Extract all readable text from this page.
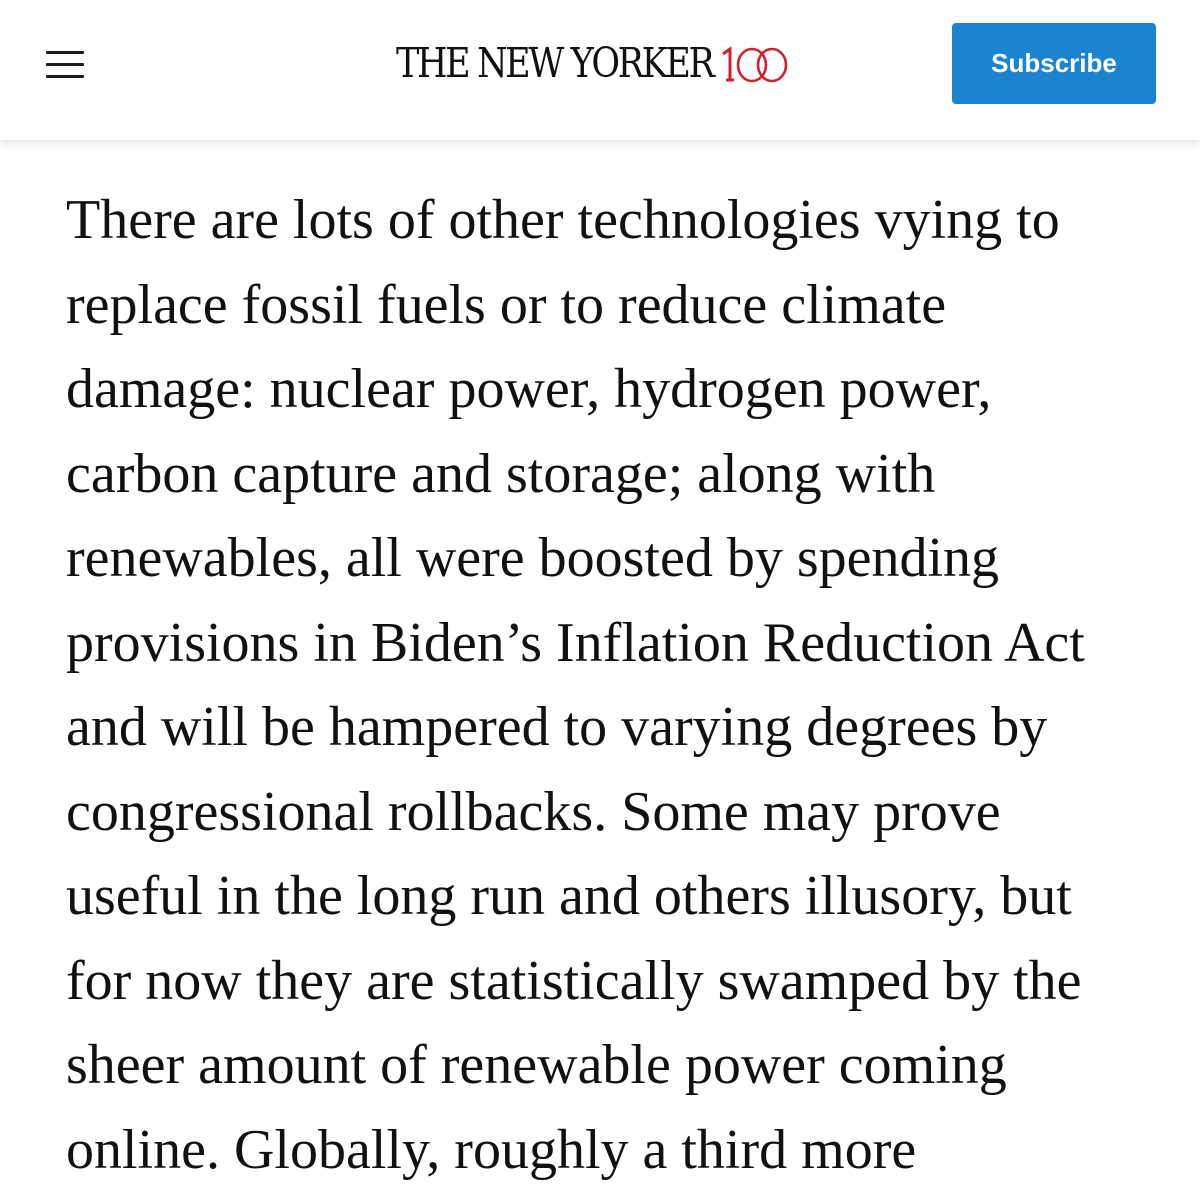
THE NEW YORKER	Subscribe

There are lots of other technologies vying to
replace fossil fuels or to reduce climate
damage: nuclear power, hydrogen power,
carbon capture and storage; along with
renewables, all were boosted by spending
provisions in Biden’s Inflation Reduction Act
and will be hampered to varying degrees by
congressional rollbacks. Some may prove
useful in the long run and others illusory, but
for now they are statistically swamped by the
sheer amount of renewable power coming
online. Globally, roughly a third more
